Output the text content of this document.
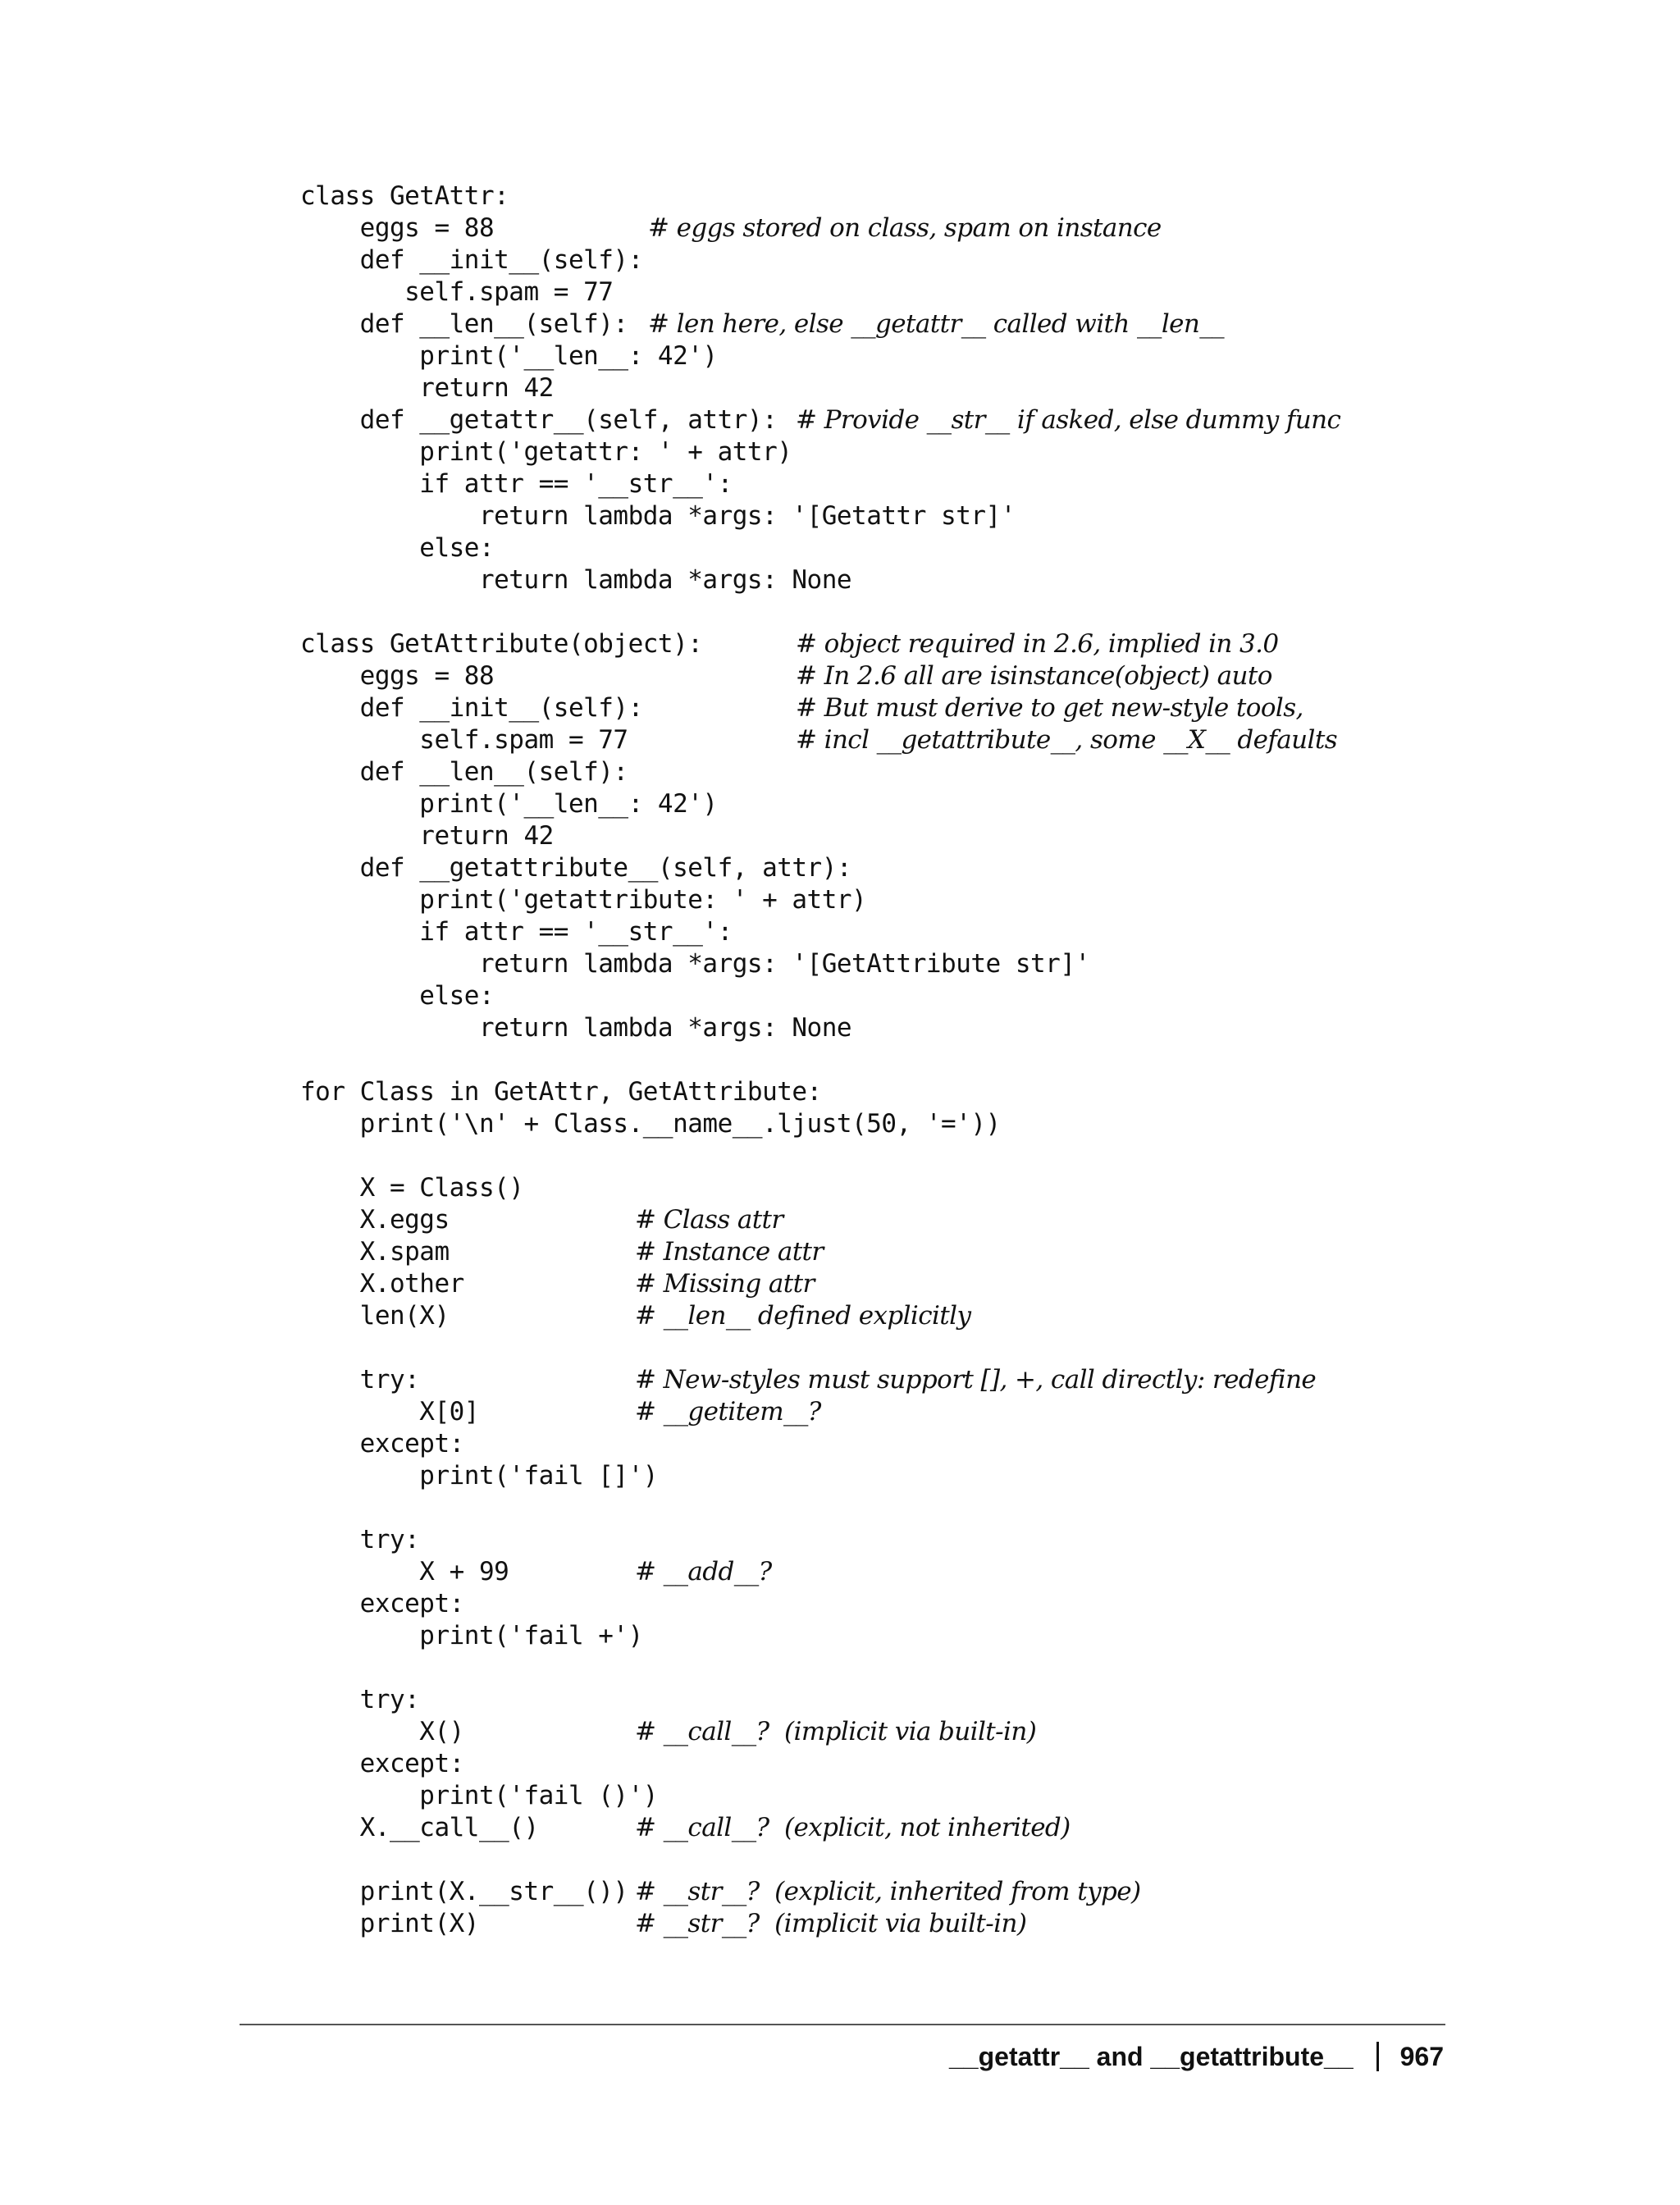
class GetAttr:
eggs = 88	# eggs stored on class, spam on instance
def __init__(self):
self.spam = 77
def __len__(self): # len here, else __getattr__ called with __len__
print('__len__: 42')
return 42
def __getattr__(self, attr): # Provide __str__ if asked, else dummy func
print('getattr: ' + attr)
if attr == '__str__':
return lambda *args: '[Getattr str]'
else:
return lambda *args: None
class GetAttribute(object):	# object required in 2.6, implied in 3.0
eggs = 88	# In 2.6 all are isinstance(object) auto
def __init__(self):	# But must derive to get new-style tools,
self.spam = 77	# incl __getattribute__, some __X__ defaults
def __len__(self):
print('__len__: 42')
return 42
def __getattribute__(self, attr):
print('getattribute: ' + attr)
if attr == '__str__':
return lambda *args: '[GetAttribute str]'
else:
return lambda *args: None
for Class in GetAttr, GetAttribute:
print('\n' + Class.__name__.ljust(50, '='))
X = Class()
X.eggs	# Class attr
X.spam	# Instance attr
X.other	# Missing attr
len(X)	# __len__ defined explicitly
try:	# New-styles must support [], +, call directly: redefine
X[0]	# __getitem__?
except:
print('fail []')
try:
X + 99	# __add__?
except:
print('fail +')
try:
X()	# __call__?  (implicit via built-in)
except:
print('fail ()')
X.__call__()	# __call__?  (explicit, not inherited)
print(X.__str__()) # __str__?  (explicit, inherited from type)
print(X)	# __str__?  (implicit via built-in)
__getattr__ and __getattribute__ 967
